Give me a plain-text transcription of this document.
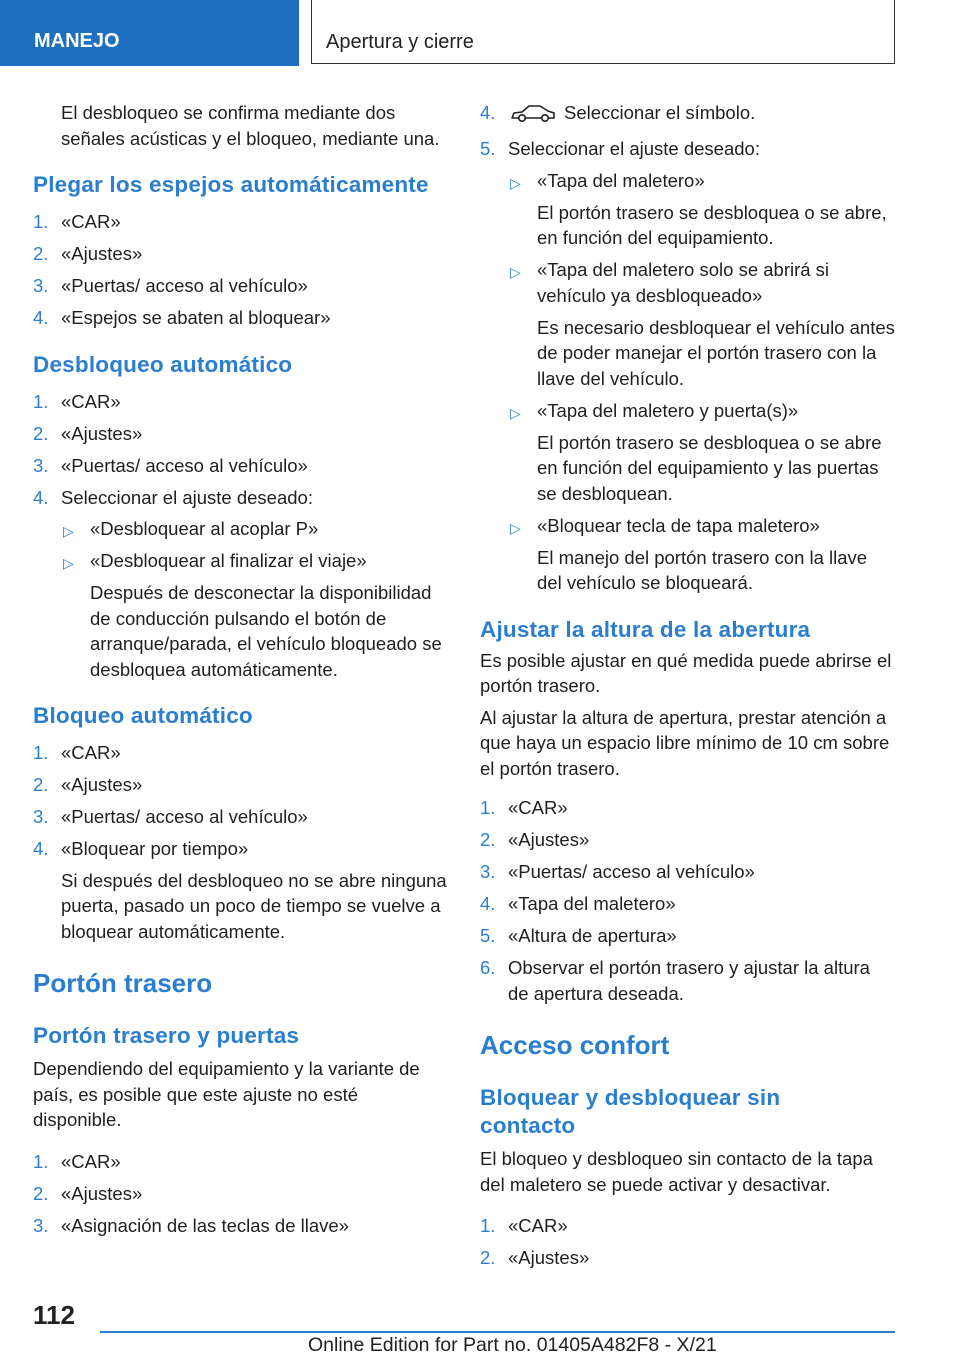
MANEJO	Apertura y cierre

El desbloqueo se confirma mediante dos señales acústicas y el bloqueo, mediante una.

Plegar los espejos automáticamente
1. «CAR»
2. «Ajustes»
3. «Puertas/ acceso al vehículo»
4. «Espejos se abaten al bloquear»
Desbloqueo automático
1. «CAR»
2. «Ajustes»
3. «Puertas/ acceso al vehículo»
4. Seleccionar el ajuste deseado:
▷ «Desbloquear al acoplar P»
▷ «Desbloquear al finalizar el viaje»

Después de desconectar la disponibilidad de conducción pulsando el botón de arranque/parada, el vehículo bloqueado se desbloquea automáticamente.

Bloqueo automático
1. «CAR»
2. «Ajustes»
3. «Puertas/ acceso al vehículo»
4. «Bloquear por tiempo»

Si después del desbloqueo no se abre ninguna puerta, pasado un poco de tiempo se vuelve a bloquear automáticamente.

Portón trasero
Portón trasero y puertas

Dependiendo del equipamiento y la variante de país, es posible que este ajuste no esté disponible.

1. «CAR»
2. «Ajustes»
3. «Asignación de las teclas de llave»
4.	Seleccionar el símbolo.
5. Seleccionar el ajuste deseado:
▷ «Tapa del maletero»

El portón trasero se desbloquea o se abre, en función del equipamiento.

▷ «Tapa del maletero solo se abrirá si vehículo ya desbloqueado»

Es necesario desbloquear el vehículo antes de poder manejar el portón trasero con la llave del vehículo.

▷ «Tapa del maletero y puerta(s)»

El portón trasero se desbloquea o se abre en función del equipamiento y las puertas se desbloquean.

▷ «Bloquear tecla de tapa maletero»

El manejo del portón trasero con la llave del vehículo se bloqueará.

Ajustar la altura de la abertura

Es posible ajustar en qué medida puede abrirse el portón trasero.

Al ajustar la altura de apertura, prestar atención a que haya un espacio libre mínimo de 10 cm sobre el portón trasero.

1. «CAR»
2. «Ajustes»
3. «Puertas/ acceso al vehículo»
4. «Tapa del maletero»
5. «Altura de apertura»
6. Observar el portón trasero y ajustar la altura de apertura deseada.
Acceso confort
Bloquear y desbloquear sin contacto

El bloqueo y desbloqueo sin contacto de la tapa del maletero se puede activar y desactivar.

1. «CAR»
2. «Ajustes»
112
Online Edition for Part no. 01405A482F8 - X/21
